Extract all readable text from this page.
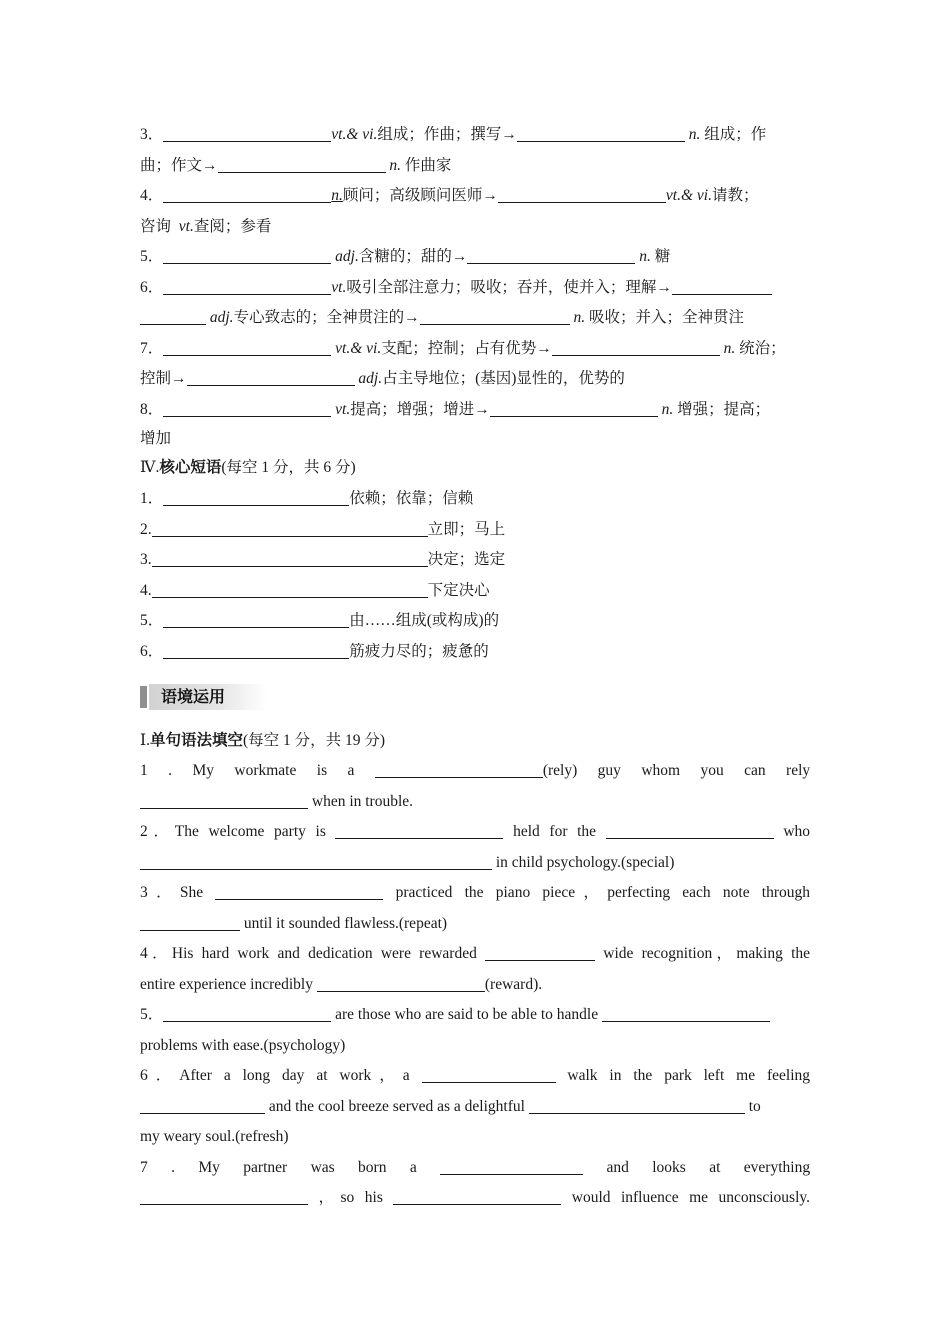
3．	vt.& vi.组成；作曲；撰写→	n. 组成；作
曲；作文→	n. 作曲家
4．	n.顾问；高级顾问医师→	vt.& vi.请教；
咨询 vt.查阅；参看
5．	adj.含糖的；甜的→	n. 糖
6．	vt.吸引全部注意力；吸收；吞并，使并入；理解→
adj.专心致志的；全神贯注的→	n. 吸收；并入；全神贯注
7．	vt.& vi.支配；控制；占有优势→	n. 统治；
控制→	adj.占主导地位；(基因)显性的，优势的
8．	vt.提高；增强；增进→	n. 增强；提高；
增加
Ⅳ.核心短语(每空 1 分，共 6 分)
1．	依赖；依靠；信赖
2.	立即；马上
3.	决定；选定
4.	下定决心
5．	由……组成(或构成)的
6．	筋疲力尽的；疲惫的
语境运用
Ⅰ.单句语法填空(每空 1 分，共 19 分)
1 . My workmate is a	(rely) guy whom you can rely
when in trouble.
2．The welcome party is	held for the	who
in child psychology.(special)
3．She	practiced the piano piece，perfecting each note through
until it sounded flawless.(repeat)
4．His hard work and dedication were rewarded	wide recognition，making the
entire experience incredibly	(reward).
5．	are those who are said to be able to handle
problems with ease.(psychology)
6．After a long day at work，a	walk in the park left me feeling
and the cool breeze served as a delightful	to
my weary soul.(refresh)
7 . My partner was born a	and looks at everything
，so his	would influence me unconsciously.
